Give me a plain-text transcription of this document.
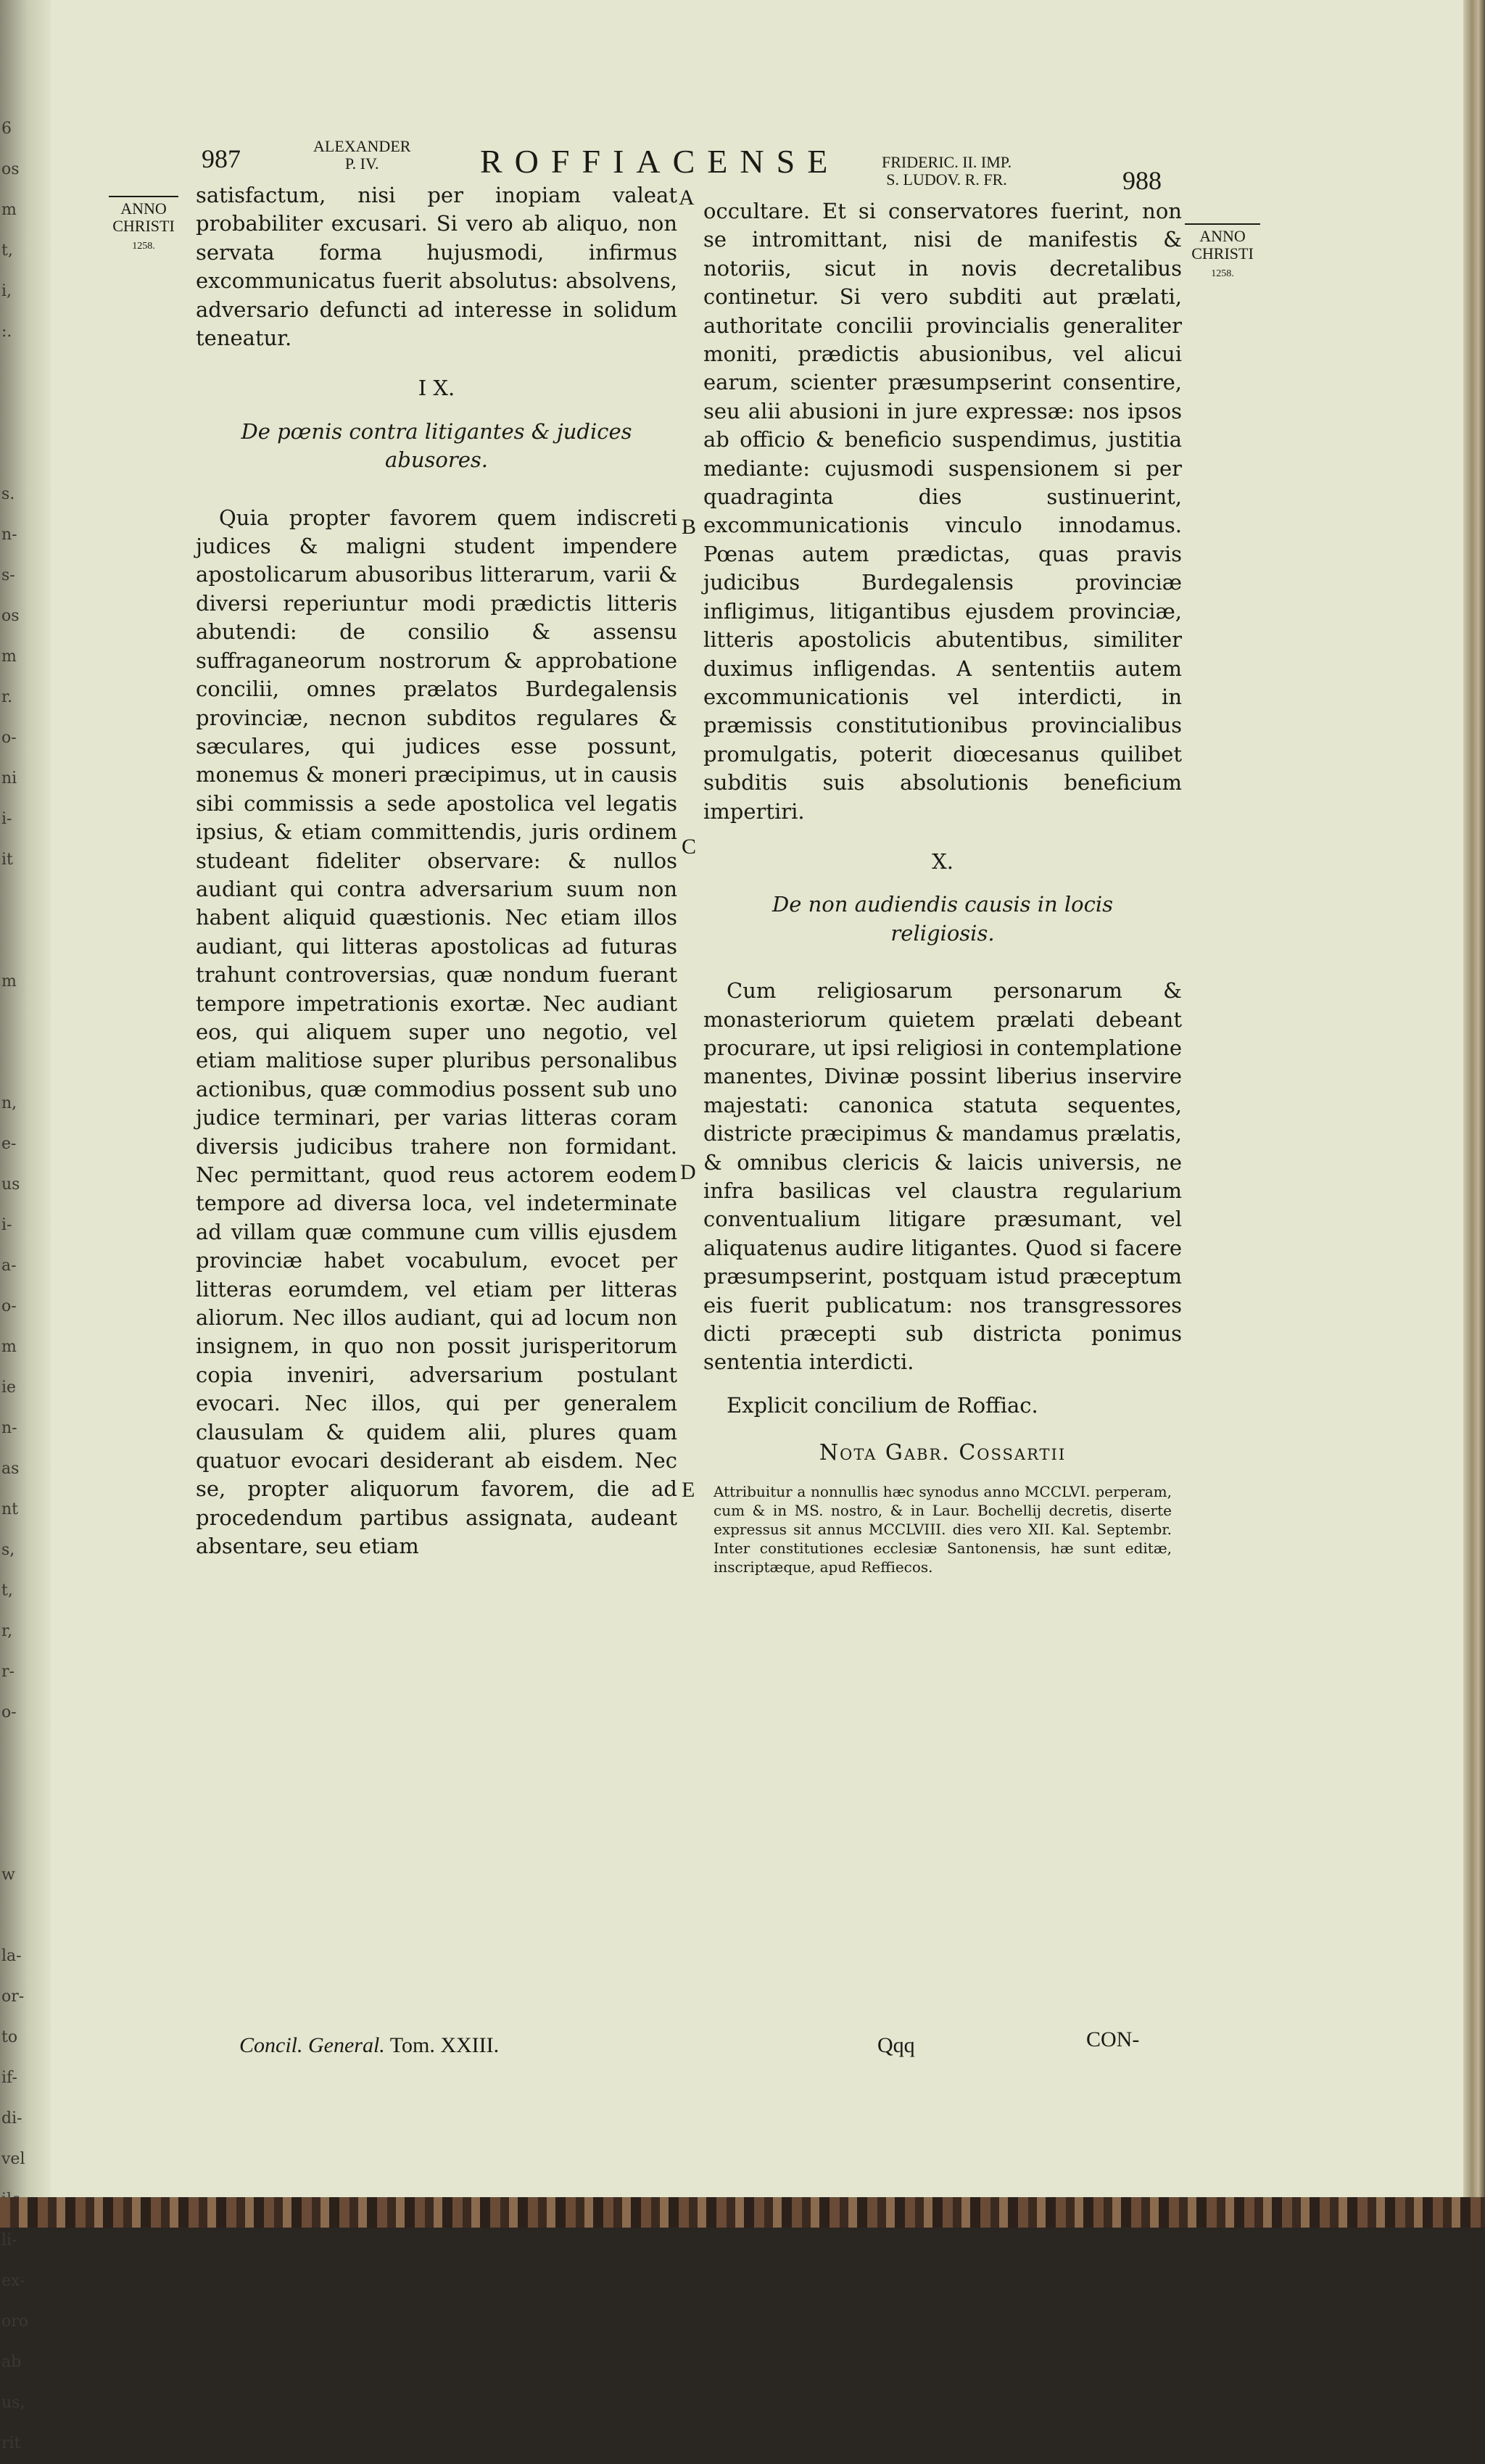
6
os
m
t,
i,
:.
s.
n-
s-
os
m
r.
o-
ni
i-
it
m
n,
e-
us
i-
a-
o-
m
ie
n-
as
nt
s,
t,
r,
r-
o-
w
la-
or-
to
if-
di-
vel
li-
ex-
oro
ab
us,
rit
987	ALEXANDER
P. IV.	ROFFIACENSE	FRIDERIC. II. IMP.
S. LUDOV. R. FR.	988
ANNO
CHRISTI
1258.
ANNO
CHRISTI
1258.

satisfactum, nisi per inopiam valeat probabiliter excusari. Si vero ab aliquo, non servata forma hujusmodi, infirmus excommunicatus fuerit absolutus: absolvens, adversario defuncti ad interesse in solidum teneatur.

I X.
De pœnis contra litigantes & judices abusores.

Quia propter favorem quem indiscreti judices & maligni student impendere apostolicarum abusoribus litterarum, varii & diversi reperiuntur modi prædictis litteris abutendi: de consilio & assensu suffraganeorum nostrorum & approbatione concilii, omnes prælatos Burdegalensis provinciæ, necnon subditos regulares & sæculares, qui judices esse possunt, monemus & moneri præcipimus, ut in causis sibi commissis a sede apostolica vel legatis ipsius, & etiam committendis, juris ordinem studeant fideliter observare: & nullos audiant qui contra adversarium suum non habent aliquid quæstionis. Nec etiam illos audiant, qui litteras apostolicas ad futuras trahunt controversias, quæ nondum fuerant tempore impetrationis exortæ. Nec audiant eos, qui aliquem super uno negotio, vel etiam malitiose super pluribus personalibus actionibus, quæ commodius possent sub uno judice terminari, per varias litteras coram diversis judicibus trahere non formidant. Nec permittant, quod reus actorem eodem tempore ad diversa loca, vel indeterminate ad villam quæ commune cum villis ejusdem provinciæ habet vocabulum, evocet per litteras eorumdem, vel etiam per litteras aliorum. Nec illos audiant, qui ad locum non insignem, in quo non possit jurisperitorum copia inveniri, adversarium postulant evocari. Nec illos, qui per generalem clausulam & quidem alii, plures quam quatuor evocari desiderant ab eisdem. Nec se, propter aliquorum favorem, die ad procedendum partibus assignata, audeant absentare, seu etiam

occultare. Et si conservatores fuerint, non se intromittant, nisi de manifestis & notoriis, sicut in novis decretalibus continetur. Si vero subditi aut prælati, authoritate concilii provincialis generaliter moniti, prædictis abusionibus, vel alicui earum, scienter præsumpserint consentire, seu alii abusioni in jure expressæ: nos ipsos ab officio & beneficio suspendimus, justitia mediante: cujusmodi suspensionem si per quadraginta dies sustinuerint, excommunicationis vinculo innodamus. Pœnas autem prædictas, quas pravis judicibus Burdegalensis provinciæ infligimus, litigantibus ejusdem provinciæ, litteris apostolicis abutentibus, similiter duximus infligendas. A sententiis autem excommunicationis vel interdicti, in præmissis constitutionibus provincialibus promulgatis, poterit diœcesanus quilibet subditis suis absolutionis beneficium impertiri.

X.
De non audiendis causis in locis religiosis.

Cum religiosarum personarum & monasteriorum quietem prælati debeant procurare, ut ipsi religiosi in contemplatione manentes, Divinæ possint liberius inservire majestati: canonica statuta sequentes, districte præcipimus & mandamus prælatis, & omnibus clericis & laicis universis, ne infra basilicas vel claustra regularium conventualium litigare præsumant, vel aliquatenus audire litigantes. Quod si facere præsumpserint, postquam istud præceptum eis fuerit publicatum: nos transgressores dicti præcepti sub districta ponimus sententia interdicti.

Explicit concilium de Roffiac.

Nota Gabr. Cossartii
Attribuitur a nonnullis hæc synodus anno MCCLVI. perperam, cum & in MS. nostro, & in Laur. Bochellij decretis, diserte expressus sit annus MCCLVIII. dies vero XII. Kal. Septembr. Inter constitutiones ecclesiæ Santonensis, hæ sunt editæ, inscriptæque, apud Reffiecos.
A
B
C
D
E
Concil. General. Tom. XXIII.	Qqq	CON-
